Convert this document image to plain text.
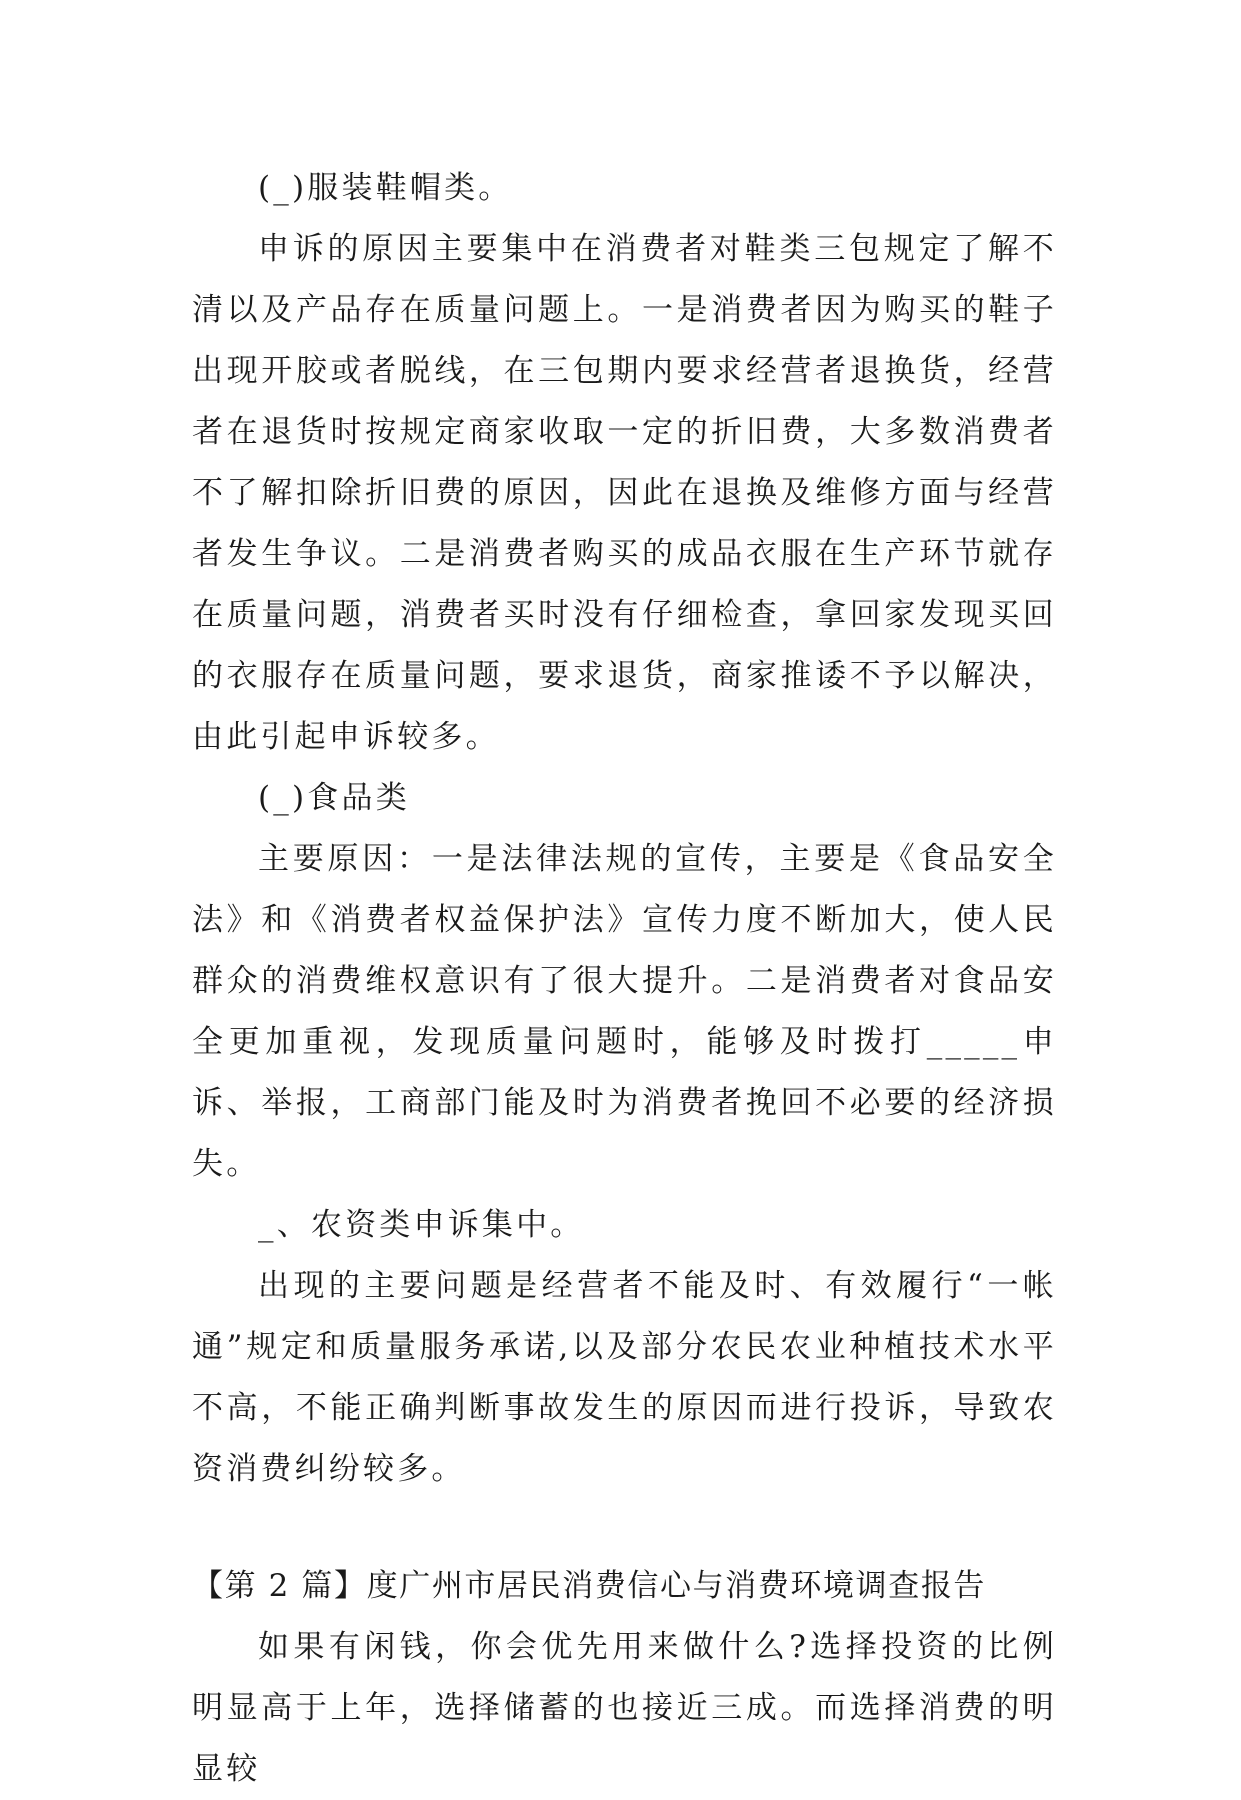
(_)服装鞋帽类。

申诉的原因主要集中在消费者对鞋类三包规定了解不清以及产品存在质量问题上。一是消费者因为购买的鞋子出现开胶或者脱线，在三包期内要求经营者退换货，经营者在退货时按规定商家收取一定的折旧费，大多数消费者不了解扣除折旧费的原因，因此在退换及维修方面与经营者发生争议。二是消费者购买的成品衣服在生产环节就存在质量问题，消费者买时没有仔细检查，拿回家发现买回的衣服存在质量问题，要求退货，商家推诿不予以解决，由此引起申诉较多。

(_)食品类

主要原因：一是法律法规的宣传，主要是《食品安全法》和《消费者权益保护法》宣传力度不断加大，使人民群众的消费维权意识有了很大提升。二是消费者对食品安全更加重视，发现质量问题时，能够及时拨打_____申诉、举报，工商部门能及时为消费者挽回不必要的经济损失。

_、农资类申诉集中。

出现的主要问题是经营者不能及时、有效履行“一帐通”规定和质量服务承诺,以及部分农民农业种植技术水平不高，不能正确判断事故发生的原因而进行投诉，导致农资消费纠纷较多。

【第 2 篇】度广州市居民消费信心与消费环境调查报告

如果有闲钱，你会优先用来做什么?选择投资的比例明显高于上年，选择储蓄的也接近三成。而选择消费的明显较
